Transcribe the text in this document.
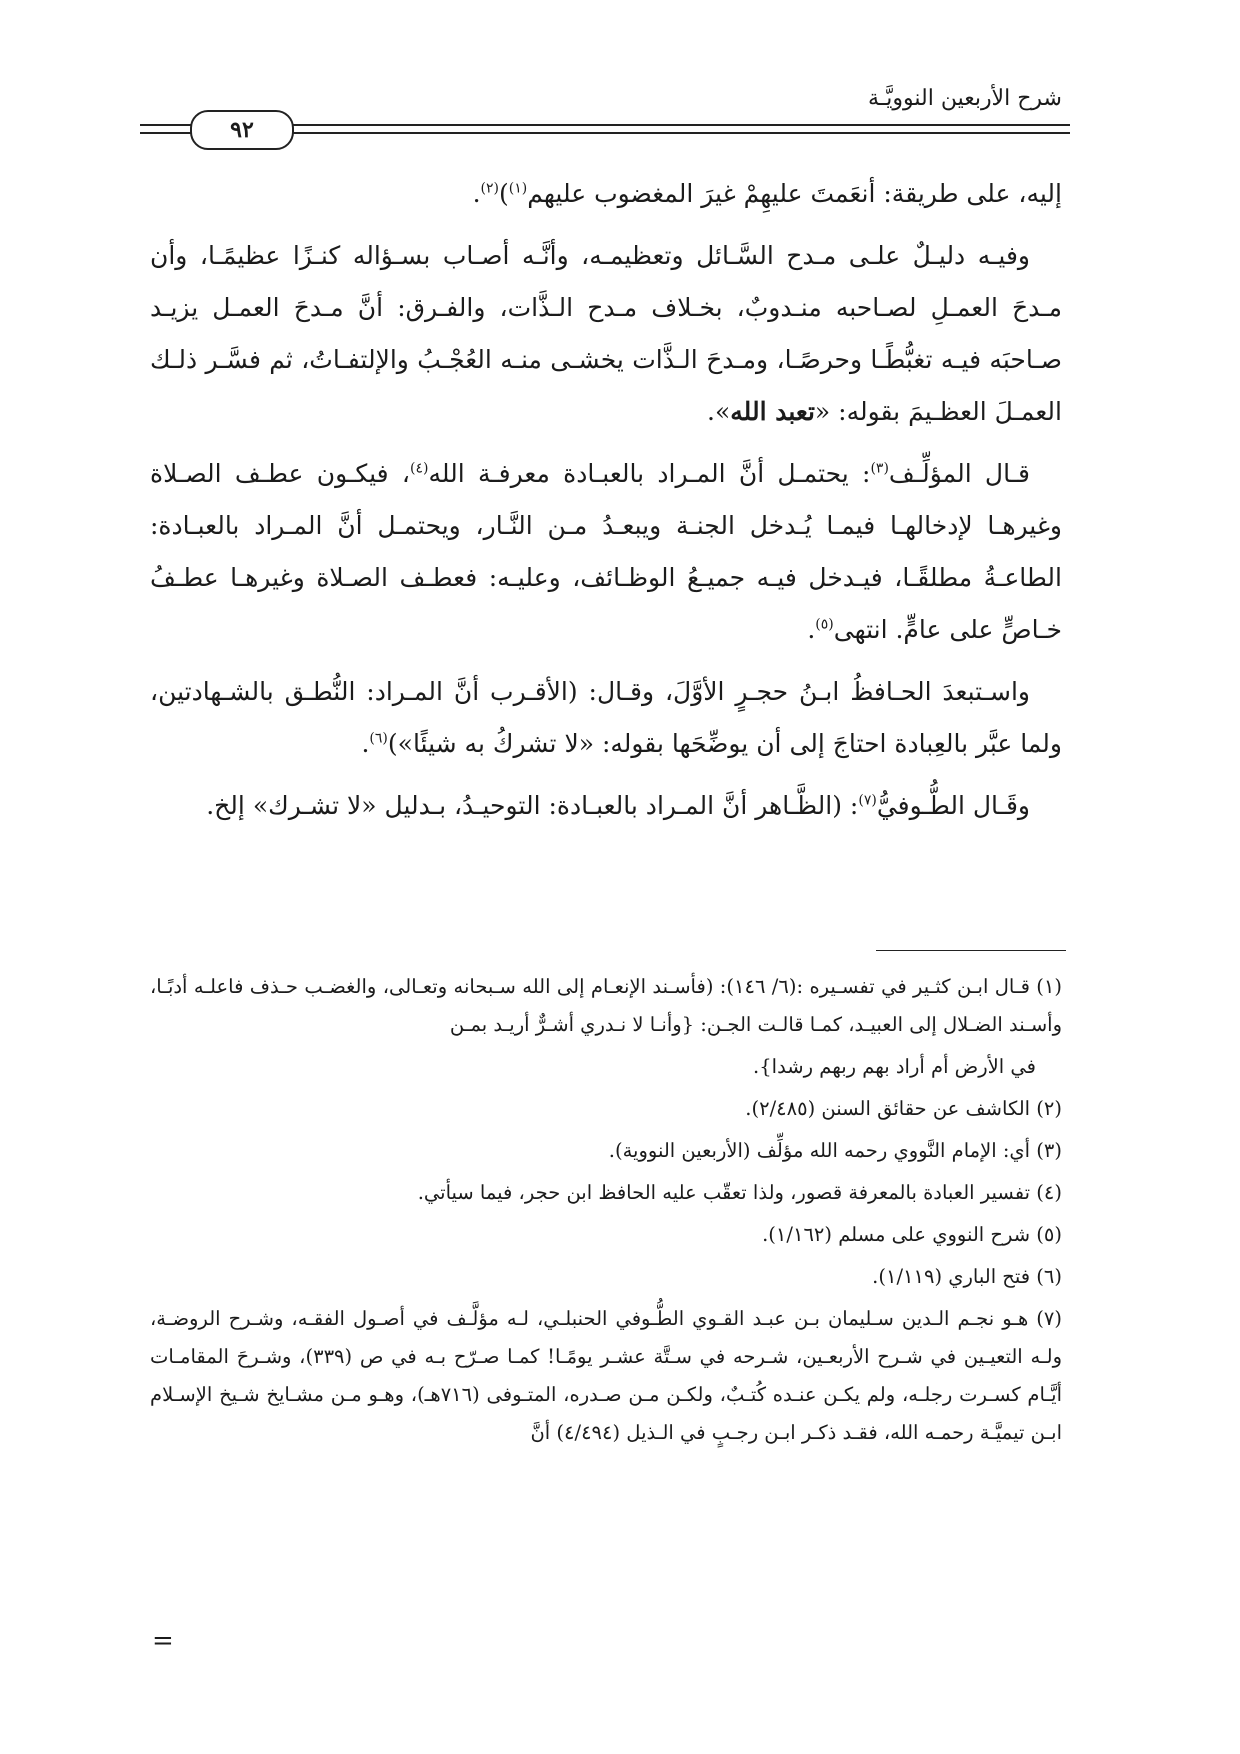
شرح الأربعين النوويَّـة
٩٢

إليه، على طريقة: أنعَمتَ عليهِمْ غيرَ المغضوب عليهم$^{(١)}$)$^{(٢)}$.

وفيـه دليـلٌ علـى مـدح السَّـائل وتعظيمـه، وأنَّـه أصـاب بسـؤاله كنـزًا عظيمًـا، وأن مـدحَ العمـلِ لصـاحبه منـدوبٌ، بخـلاف مـدح الـذَّات، والفـرق: أنَّ مـدحَ العمـل يزيـد صـاحبَه فيـه تغبُّطًـا وحرصًـا، ومـدحَ الـذَّات يخشـى منـه العُجْـبُ والإلتفـاتُ، ثم فسَّـر ذلـك العمـلَ العظـيمَ بقوله: «تعبد الله».

قـال المؤلِّـف$^{(٣)}$: يحتمـل أنَّ المـراد بالعبـادة معرفـة الله$^{(٤)}$، فيكـون عطـف الصـلاة وغيرهـا لإدخالهـا فيمـا يُـدخل الجنـة ويبعـدُ مـن النَّـار، ويحتمـل أنَّ المـراد بالعبـادة: الطاعـةُ مطلقًـا، فيـدخل فيـه جميـعُ الوظـائف، وعليـه: فعطـف الصـلاة وغيرهـا عطـفُ خـاصٍّ على عامٍّ. انتهى$^{(٥)}$.

واسـتبعدَ الحـافظُ ابـنُ حجـرٍ الأوَّلَ، وقـال: (الأقـرب أنَّ المـراد: النُّطـق بالشـهادتين، ولما عبَّر بالعِبادة احتاجَ إلى أن يوضِّحَها بقوله: «لا تشركُ به شيئًا»)$^{(٦)}$.

وقَـال الطُّـوفيُّ$^{(٧)}$: (الظَّـاهر أنَّ المـراد بالعبـادة: التوحيـدُ، بـدليل «لا تشـرك» إلخ.

(١) قـال ابـن كثـير في تفسـيره :(٦/ ١٤٦): (فأسـند الإنعـام إلى الله سـبحانه وتعـالى، والغضـب حـذف فاعلـه أدبًـا، وأسـند الضـلال إلى العبيـد، كمـا قالـت الجـن: {وأنـا لا نـدري أشـرٌّ أريـد بمـن

في الأرض أم أراد بهم ربهم رشدا}.

(٢) الكاشف عن حقائق السنن (٢/٤٨٥).

(٣) أي: الإمام النَّووي رحمه الله مؤلِّف (الأربعين النووية).

(٤) تفسير العبادة بالمعرفة قصور، ولذا تعقّب عليه الحافظ ابن حجر، فيما سيأتي.

(٥) شرح النووي على مسلم (١/١٦٢).

(٦) فتح الباري (١/١١٩).

(٧) هـو نجـم الـدين سـليمان بـن عبـد القـوي الطُّـوفي الحنبلـي، لـه مؤلَّـف في أصـول الفقـه، وشـرح الروضـة، ولـه التعيـين في شـرح الأربعـين، شـرحه في سـتَّة عشـر يومًـا! كمـا صـرّح بـه في ص (٣٣٩)، وشـرحَ المقامـات أيَّـام كسـرت رجلـه، ولم يكـن عنـده كُتـبٌ، ولكـن مـن صـدره، المتـوفى (٧١٦هـ)، وهـو مـن مشـايخ شـيخ الإسـلام ابـن تيميَّـة رحمـه الله، فقـد ذكـر ابـن رجـبٍ في الـذيل (٤/٤٩٤) أنَّ

=
